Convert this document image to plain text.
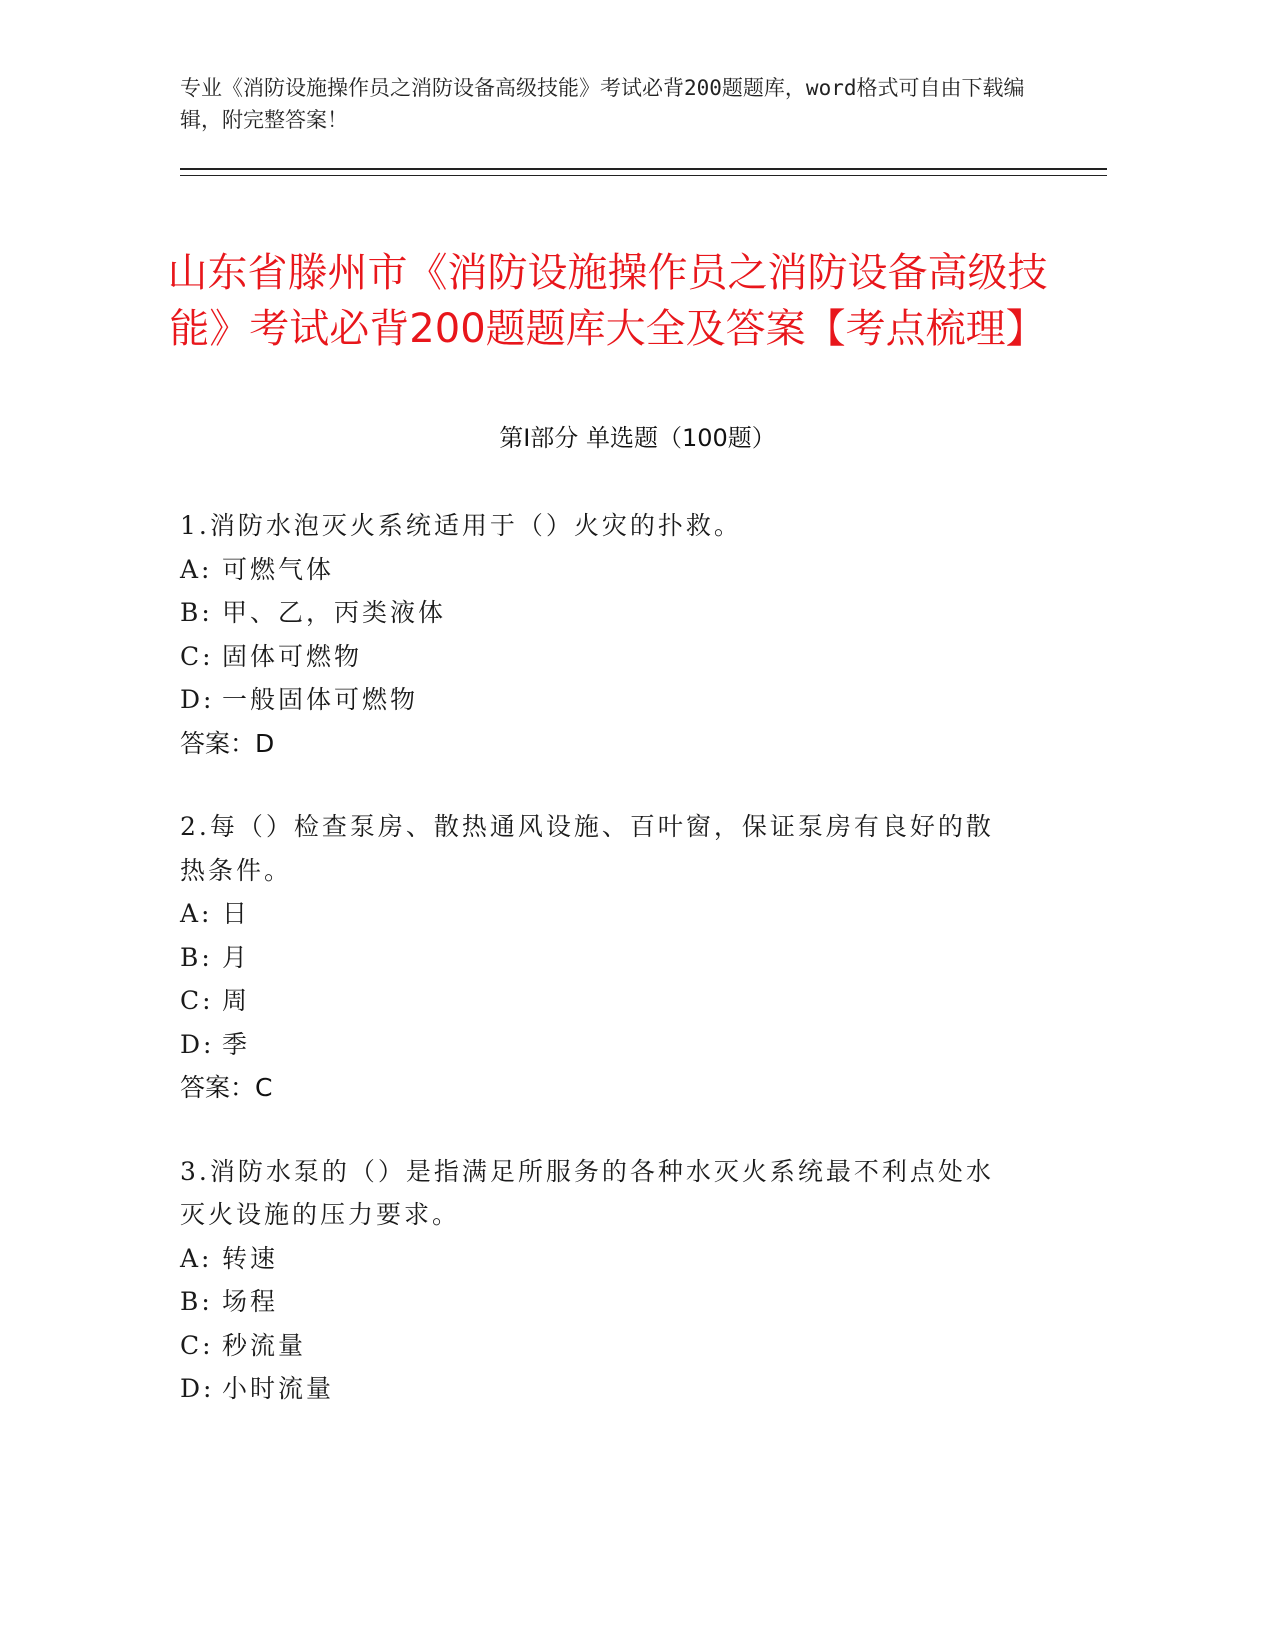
专业《消防设施操作员之消防设备高级技能》考试必背200题题库，word格式可自由下载编辑，附完整答案！
山东省滕州市《消防设施操作员之消防设备高级技能》考试必背200题题库大全及答案【考点梳理】
第Ⅰ部分 单选题（100题）
1.消防水泡灭火系统适用于（）火灾的扑救。
A: 可燃气体
B: 甲、乙，丙类液体
C: 固体可燃物
D: 一般固体可燃物
答案：D
2.每（）检查泵房、散热通风设施、百叶窗，保证泵房有良好的散热条件。
A: 日
B: 月
C: 周
D: 季
答案：C
3.消防水泵的（）是指满足所服务的各种水灭火系统最不利点处水灭火设施的压力要求。
A: 转速
B: 场程
C: 秒流量
D: 小时流量
